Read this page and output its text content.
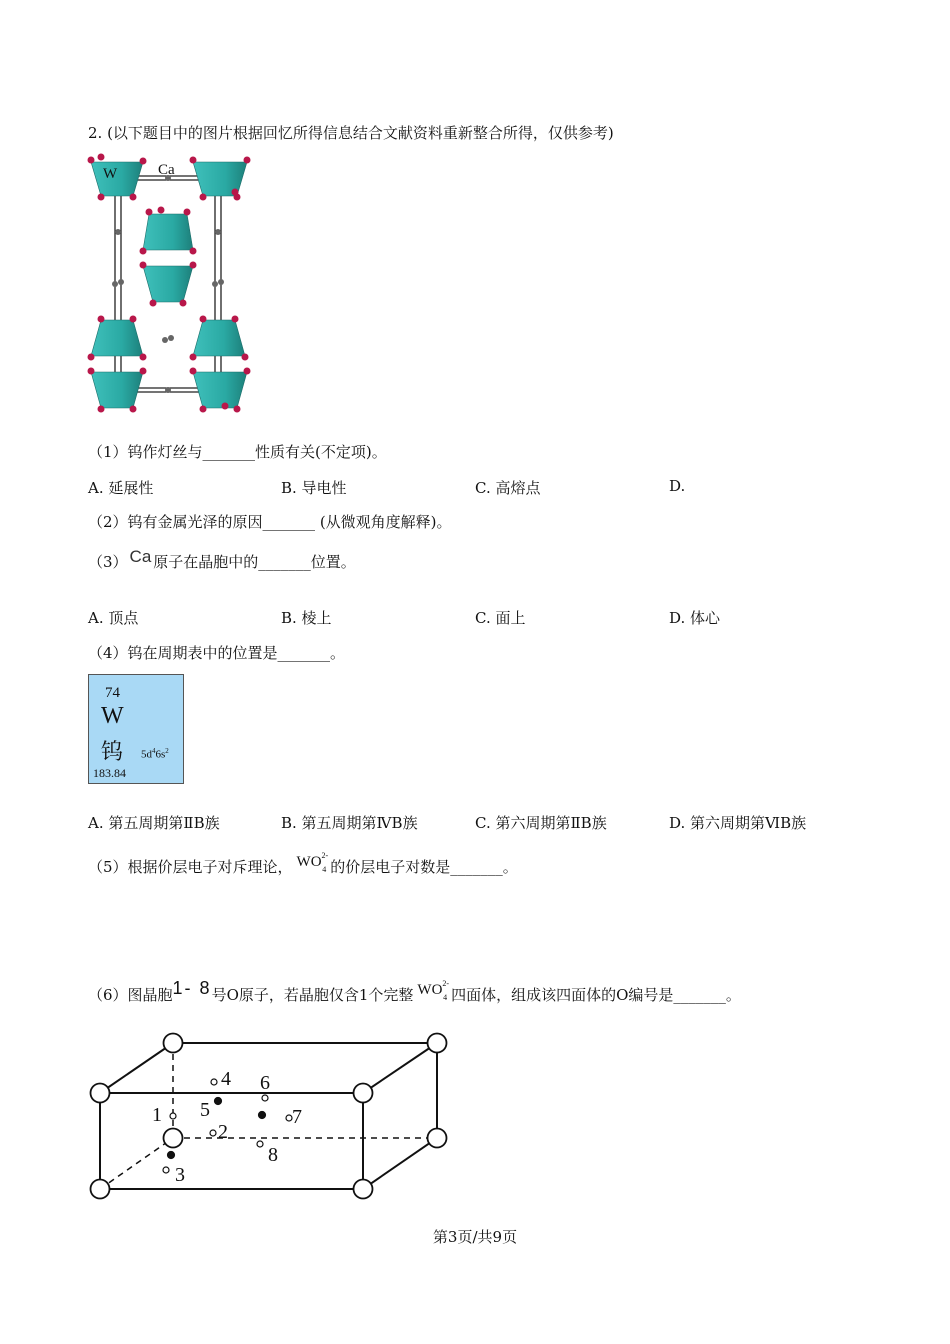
2. (以下题目中的图片根据回忆所得信息结合文献资料重新整合所得，仅供参考)
W	Ca
（1）钨作灯丝与_______性质有关(不定项)。
A. 延展性	B. 导电性	C. 高熔点	D.
（2）钨有金属光泽的原因_______ (从微观角度解释)。
（3） Ca 原子在晶胞中的_______位置。
A. 顶点	B. 棱上	C. 面上	D. 体心
（4）钨在周期表中的位置是_______。
74
W
钨 $5d^46s^2$
183.84
A. 第五周期第ⅡB族	B. 第五周期第ⅣB族	C. 第六周期第ⅡB族	D. 第六周期第ⅥB族
（5）根据价层电子对斥理论， $WO^{2-}_4$ 的价层电子对数是_______。
（6）图晶胞1- 8号O原子，若晶胞仅含1个完整 $WO^{2-}_4$ 四面体，组成该四面体的O编号是_______。
1
2
3
4
5
6
7
8
第3页/共9页
